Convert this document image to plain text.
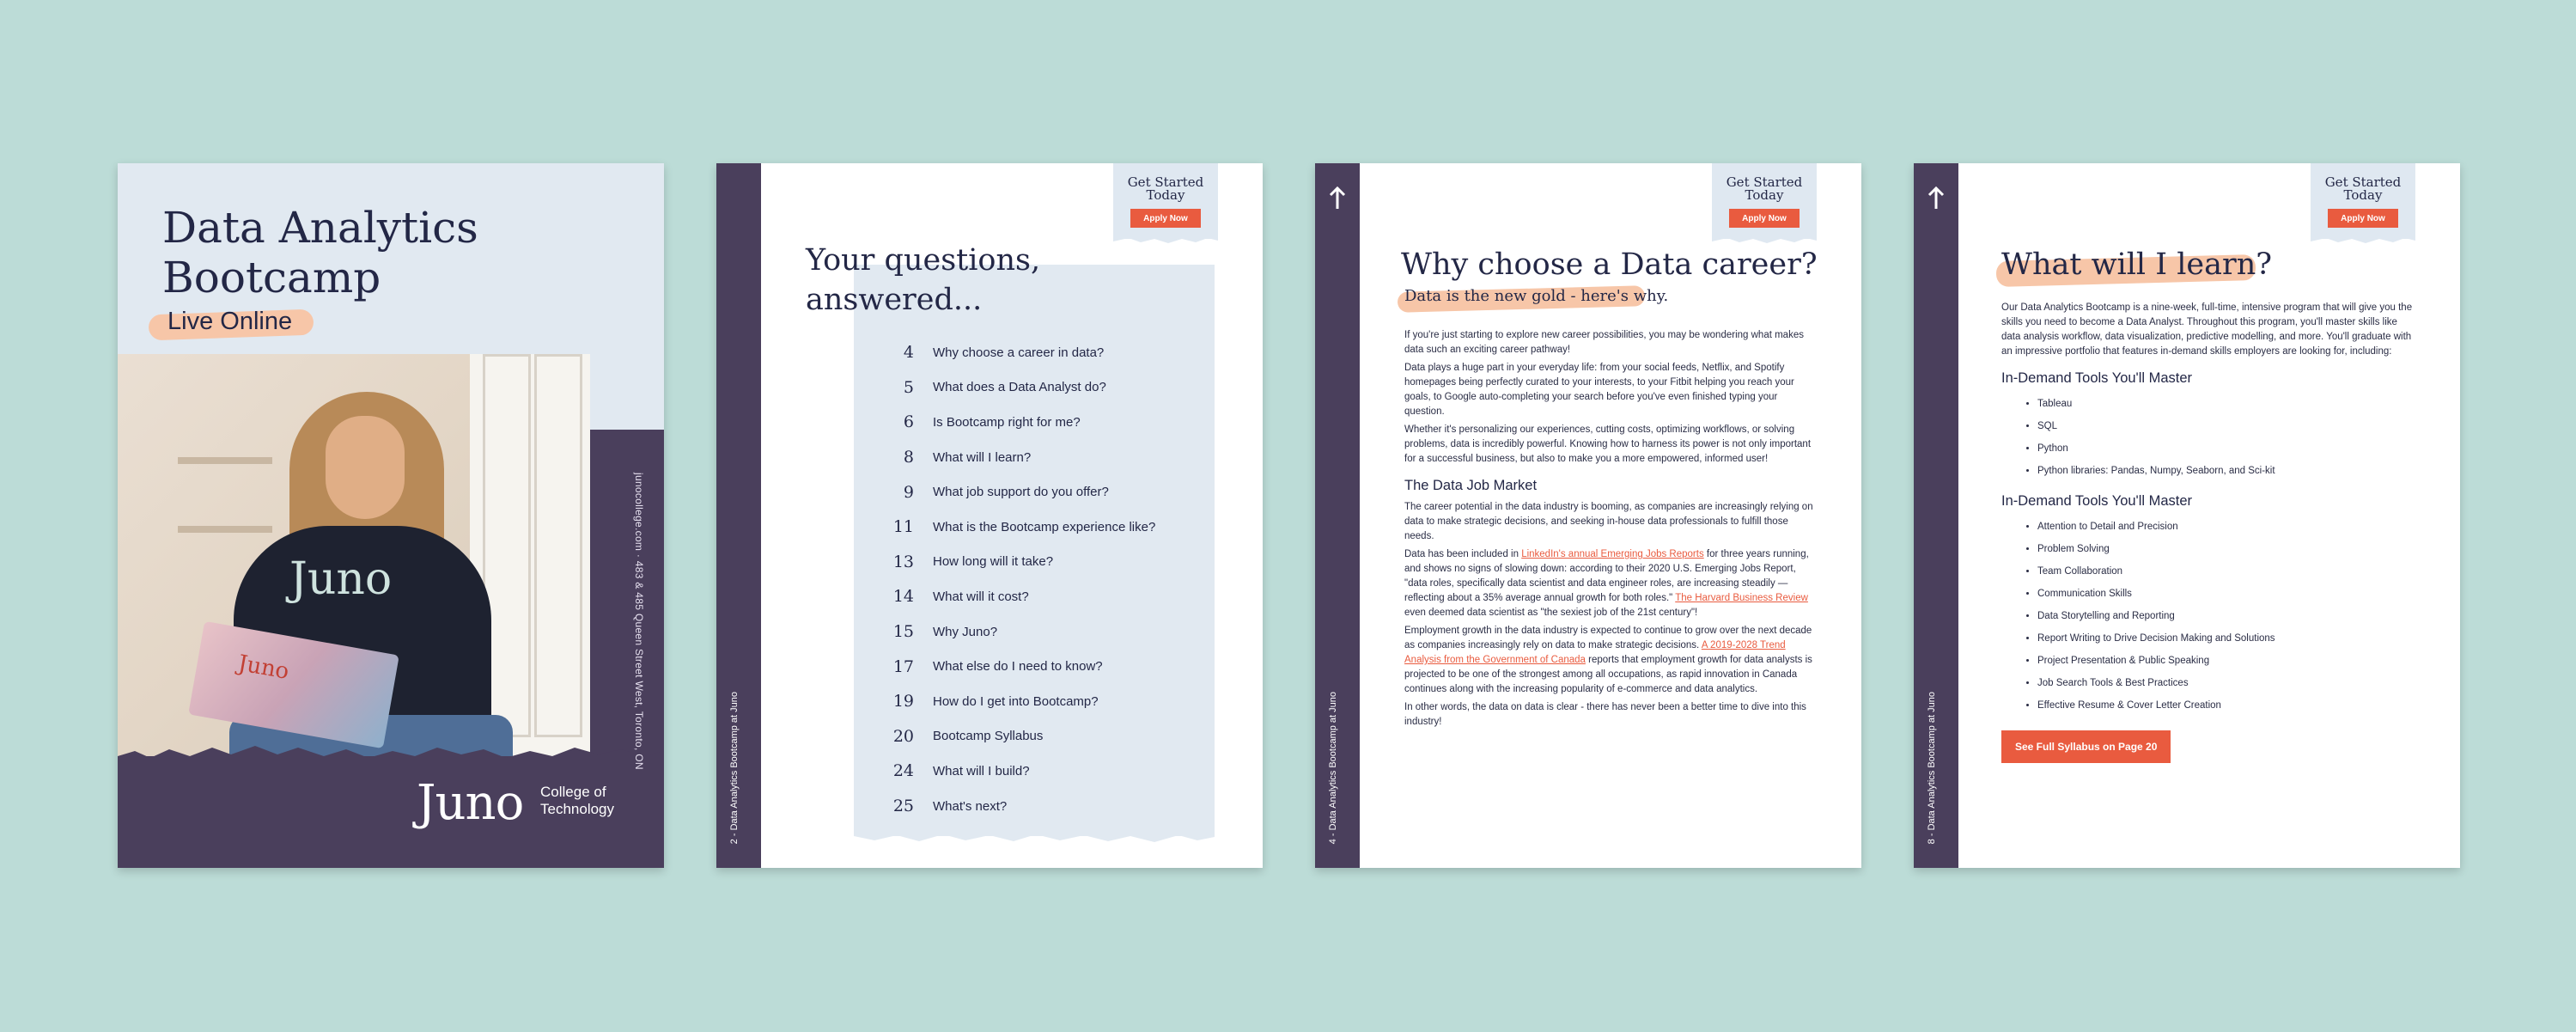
Data Analytics
Bootcamp
Live Online
Juno
Juno	junocollege.com · 483 & 485 Queen Street West, Toronto, ON
Juno College of
Technology	2 - Data Analytics Bootcamp at Juno
Get Started
Today
Apply Now
Your questions,
answered...
4 Why choose a career in data?
5 What does a Data Analyst do?
6 Is Bootcamp right for me?
8 What will I learn?
9 What job support do you offer?
11 What is the Bootcamp experience like?
13 How long will it take?
14 What will it cost?
15 Why Juno?
17 What else do I need to know?
19 How do I get into Bootcamp?
20 Bootcamp Syllabus
24 What will I build?
25 What's next?	4 - Data Analytics Bootcamp at Juno
Get Started
Today
Apply Now
Why choose a Data career?
Data is the new gold - here's why.

If you're just starting to explore new career possibilities, you may be wondering what makes data such an exciting career pathway!

Data plays a huge part in your everyday life: from your social feeds, Netflix, and Spotify homepages being perfectly curated to your interests, to your Fitbit helping you reach your goals, to Google auto-completing your search before you've even finished typing your question.

Whether it's personalizing our experiences, cutting costs, optimizing workflows, or solving problems, data is incredibly powerful. Knowing how to harness its power is not only important for a successful business, but also to make you a more empowered, informed user!

The Data Job Market

The career potential in the data industry is booming, as companies are increasingly relying on data to make strategic decisions, and seeking in-house data professionals to fulfill those needs.

Data has been included in LinkedIn's annual Emerging Jobs Reports for three years running, and shows no signs of slowing down: according to their 2020 U.S. Emerging Jobs Report, "data roles, specifically data scientist and data engineer roles, are increasing steadily — reflecting about a 35% average annual growth for both roles." The Harvard Business Review even deemed data scientist as "the sexiest job of the 21st century"!

Employment growth in the data industry is expected to continue to grow over the next decade as companies increasingly rely on data to make strategic decisions. A 2019-2028 Trend Analysis from the Government of Canada reports that employment growth for data analysts is projected to be one of the strongest among all occupations, as rapid innovation in Canada continues along with the increasing popularity of e-commerce and data analytics.

In other words, the data on data is clear - there has never been a better time to dive into this industry!	8 - Data Analytics Bootcamp at Juno
Get Started
Today
Apply Now
What will I learn?

Our Data Analytics Bootcamp is a nine-week, full-time, intensive program that will give you the skills you need to become a Data Analyst. Throughout this program, you'll master skills like data analysis workflow, data visualization, predictive modelling, and more. You'll graduate with an impressive portfolio that features in-demand skills employers are looking for, including:

In-Demand Tools You'll Master
• Tableau
• SQL
• Python
• Python libraries: Pandas, Numpy, Seaborn, and Sci-kit
In-Demand Tools You'll Master
• Attention to Detail and Precision
• Problem Solving
• Team Collaboration
• Communication Skills
• Data Storytelling and Reporting
• Report Writing to Drive Decision Making and Solutions
• Project Presentation & Public Speaking
• Job Search Tools & Best Practices
• Effective Resume & Cover Letter Creation
See Full Syllabus on Page 20
